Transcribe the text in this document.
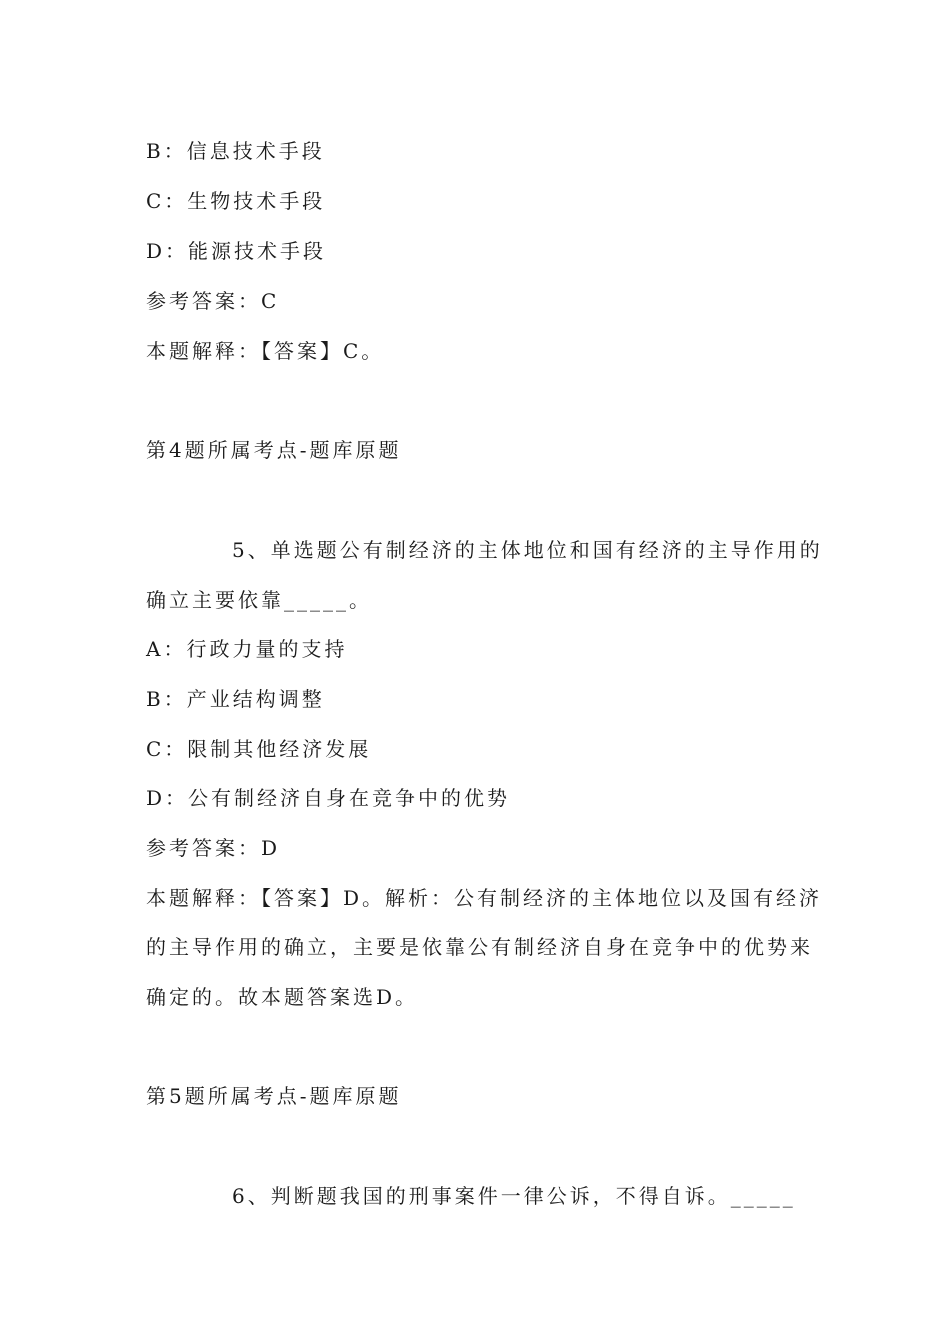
B：信息技术手段
C：生物技术手段
D：能源技术手段
参考答案：C
本题解释：【答案】C。
第4题所属考点-题库原题
5、单选题公有制经济的主体地位和国有经济的主导作用的
确立主要依靠_____。
A：行政力量的支持
B：产业结构调整
C：限制其他经济发展
D：公有制经济自身在竞争中的优势
参考答案：D
本题解释：【答案】D。解析：公有制经济的主体地位以及国有经济
的主导作用的确立，主要是依靠公有制经济自身在竞争中的优势来
确定的。故本题答案选D。
第5题所属考点-题库原题
6、判断题我国的刑事案件一律公诉，不得自诉。_____
